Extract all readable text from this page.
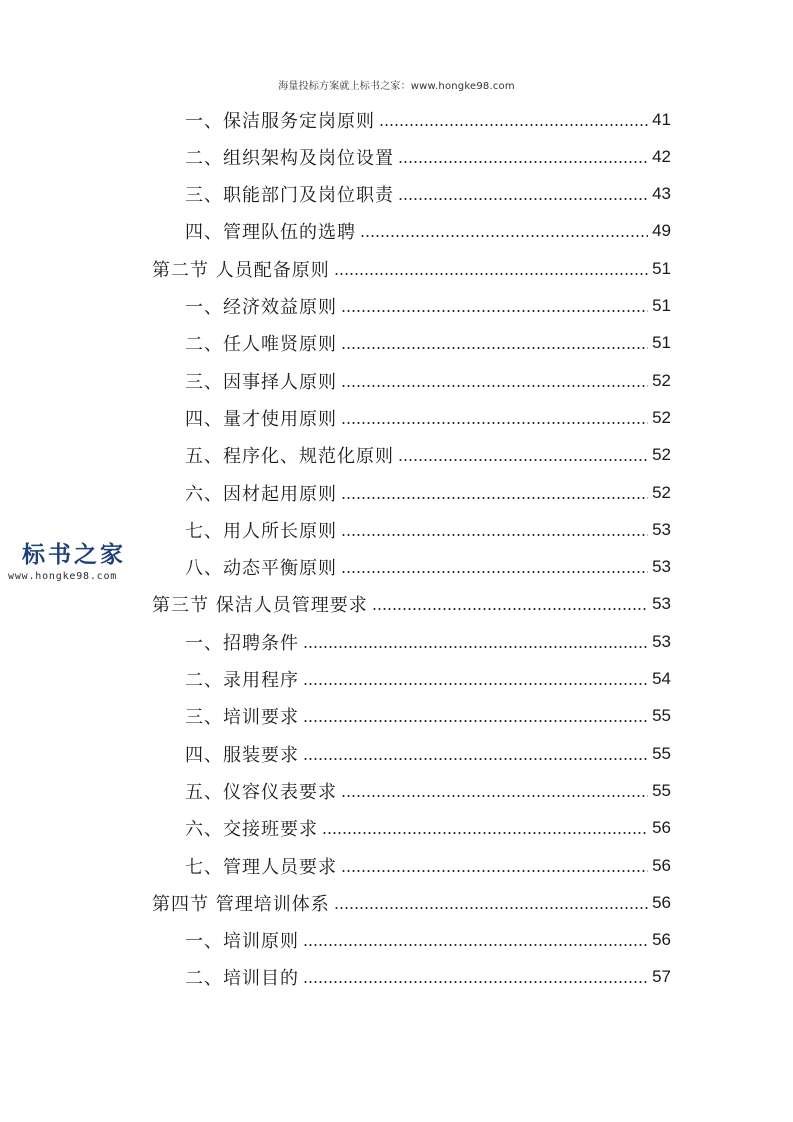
海量投标方案就上标书之家：www.hongke98.com
一、保洁服务定岗原则	41
二、组织架构及岗位设置	42
三、职能部门及岗位职责	43
四、管理队伍的选聘	49
第二节 人员配备原则	51
一、经济效益原则	51
二、任人唯贤原则	51
三、因事择人原则	52
四、量才使用原则	52
五、程序化、规范化原则	52
六、因材起用原则	52
七、用人所长原则	53
八、动态平衡原则	53
第三节 保洁人员管理要求	53
一、招聘条件	53
二、录用程序	54
三、培训要求	55
四、服装要求	55
五、仪容仪表要求	55
六、交接班要求	56
七、管理人员要求	56
第四节 管理培训体系	56
一、培训原则	56
二、培训目的	57
标书之家
www.hongke98.com
